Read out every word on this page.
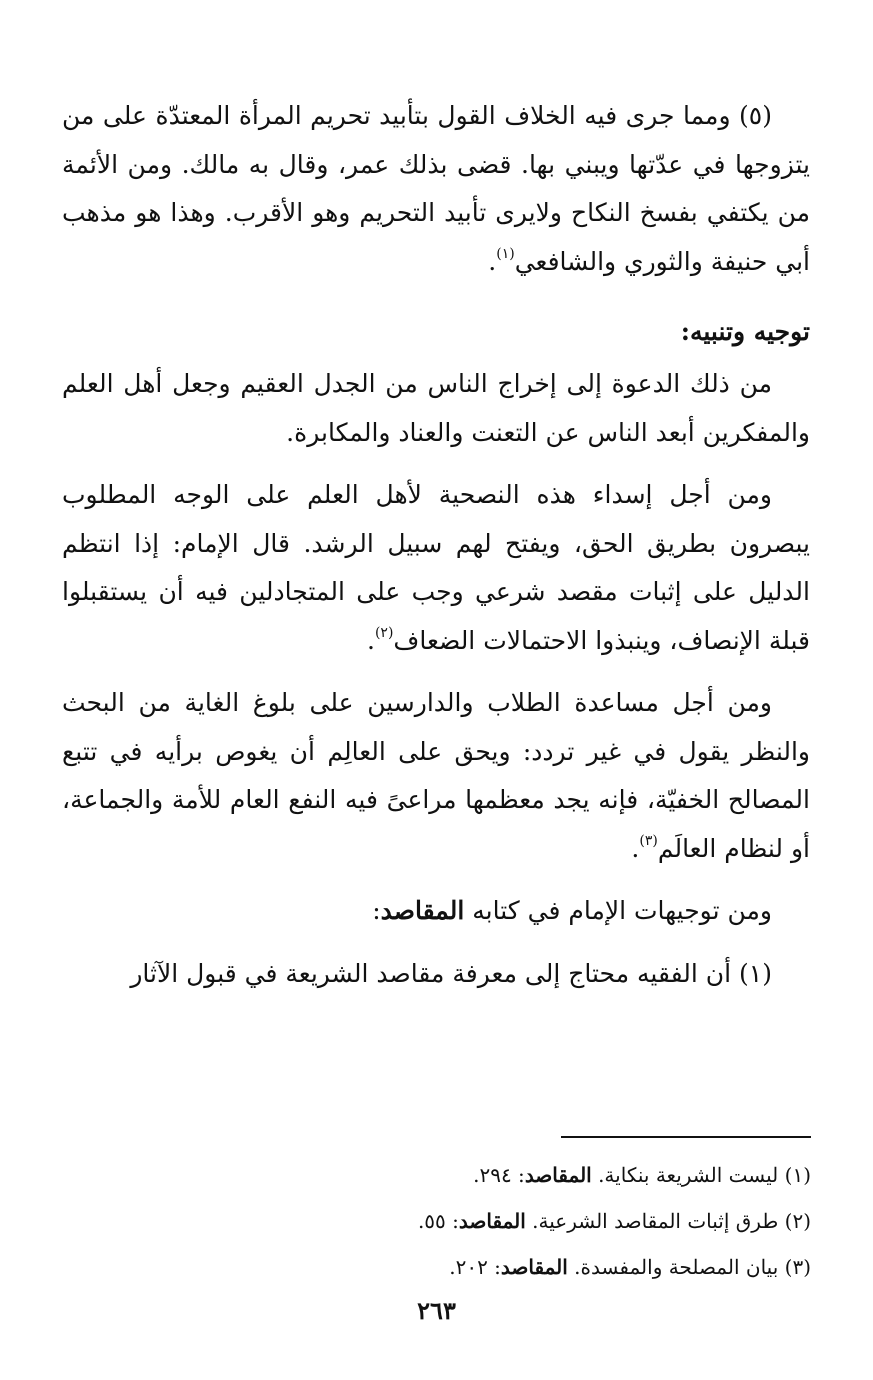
(٥) ومما جرى فيه الخلاف القول بتأبيد تحريم المرأة المعتدّة على من يتزوجها في عدّتها ويبني بها. قضى بذلك عمر، وقال به مالك. ومن الأئمة من يكتفي بفسخ النكاح ولايرى تأبيد التحريم وهو الأقرب. وهذا هو مذهب أبي حنيفة والثوري والشافعي$^{(١)}$.

توجيه وتنبيه:

من ذلك الدعوة إلى إخراج الناس من الجدل العقيم وجعل أهل العلم والمفكرين أبعد الناس عن التعنت والعناد والمكابرة.

ومن أجل إسداء هذه النصحية لأهل العلم على الوجه المطلوب يبصرون بطريق الحق، ويفتح لهم سبيل الرشد. قال الإمام: إذا انتظم الدليل على إثبات مقصد شرعي وجب على المتجادلين فيه أن يستقبلوا قبلة الإنصاف، وينبذوا الاحتمالات الضعاف$^{(٢)}$.

ومن أجل مساعدة الطلاب والدارسين على بلوغ الغاية من البحث والنظر يقول في غير تردد: ويحق على العالِم أن يغوص برأيه في تتبع المصالح الخفيّة، فإنه يجد معظمها مراعىً فيه النفع العام للأمة والجماعة، أو لنظام العالَم$^{(٣)}$.

ومن توجيهات الإمام في كتابه المقاصد:

(١) أن الفقيه محتاج إلى معرفة مقاصد الشريعة في قبول الآثار

(١) ليست الشريعة بنكاية. المقاصد: ٢٩٤.

(٢) طرق إثبات المقاصد الشرعية. المقاصد: ٥٥.

(٣) بيان المصلحة والمفسدة. المقاصد: ٢٠٢.

٢٦٣
